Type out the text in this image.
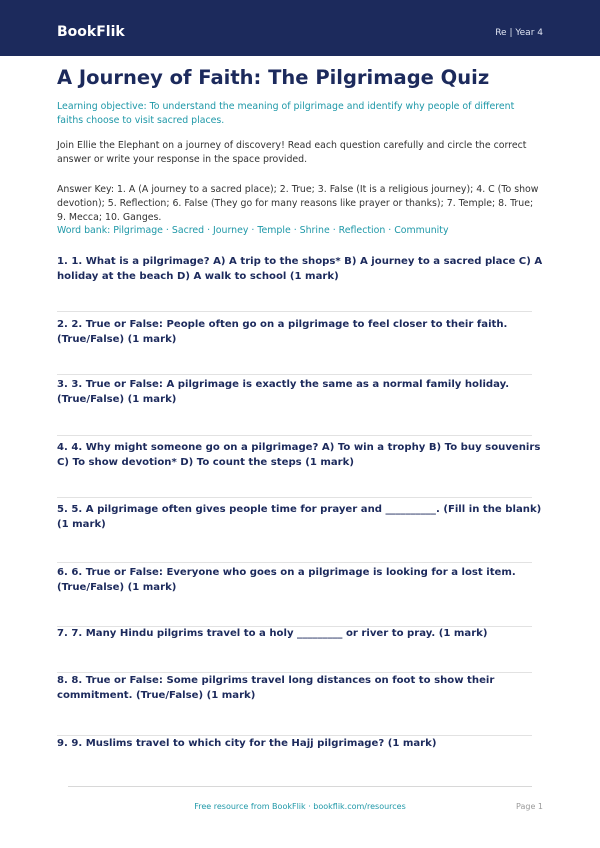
BookFlik	Re | Year 4
A Journey of Faith: The Pilgrimage Quiz

Learning objective: To understand the meaning of pilgrimage and identify why people of different faiths choose to visit sacred places.

Join Ellie the Elephant on a journey of discovery! Read each question carefully and circle the correct answer or write your response in the space provided.

Answer Key: 1. A (A journey to a sacred place); 2. True; 3. False (It is a religious journey); 4. C (To show devotion); 5. Reflection; 6. False (They go for many reasons like prayer or thanks); 7. Temple; 8. True; 9. Mecca; 10. Ganges.

Word bank: Pilgrimage · Sacred · Journey · Temple · Shrine · Reflection · Community

1. 1. What is a pilgrimage? A) A trip to the shops* B) A journey to a sacred place C) A holiday at the beach D) A walk to school (1 mark)

2. 2. True or False: People often go on a pilgrimage to feel closer to their faith. (True/False) (1 mark)

3. 3. True or False: A pilgrimage is exactly the same as a normal family holiday. (True/False) (1 mark)

4. 4. Why might someone go on a pilgrimage? A) To win a trophy B) To buy souvenirs C) To show devotion* D) To count the steps (1 mark)

5. 5. A pilgrimage often gives people time for prayer and __________. (Fill in the blank) (1 mark)

6. 6. True or False: Everyone who goes on a pilgrimage is looking for a lost item. (True/False) (1 mark)

7. 7. Many Hindu pilgrims travel to a holy _________ or river to pray. (1 mark)

8. 8. True or False: Some pilgrims travel long distances on foot to show their commitment. (True/False) (1 mark)

9. 9. Muslims travel to which city for the Hajj pilgrimage? (1 mark)

Free resource from BookFlik · bookflik.com/resources	Page 1
